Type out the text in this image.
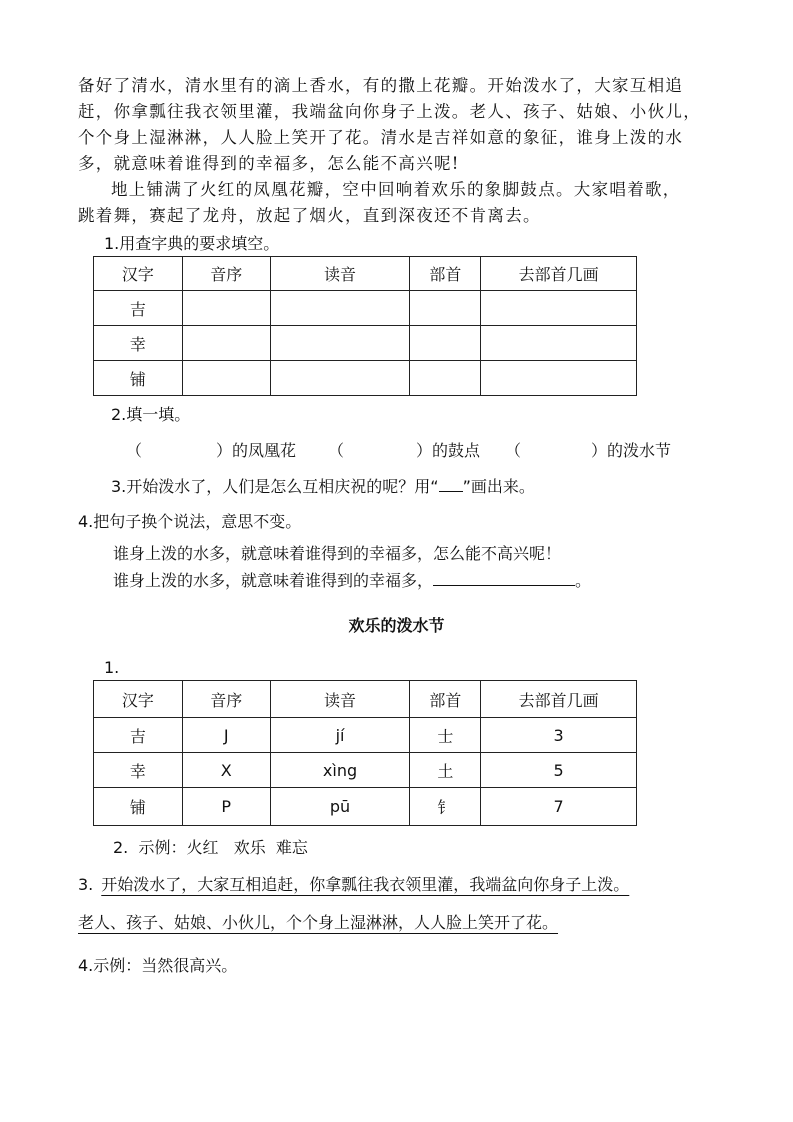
备好了清水，清水里有的滴上香水，有的撒上花瓣。开始泼水了，大家互相追
赶，你拿瓢往我衣领里灌，我端盆向你身子上泼。老人、孩子、姑娘、小伙儿，
个个身上湿淋淋，人人脸上笑开了花。清水是吉祥如意的象征，谁身上泼的水
多，就意味着谁得到的幸福多，怎么能不高兴呢!
地上铺满了火红的凤凰花瓣，空中回响着欢乐的象脚鼓点。大家唱着歌，
跳着舞，赛起了龙舟，放起了烟火，直到深夜还不肯离去。
1.用查字典的要求填空。
汉字	音序	读音	部首	去部首几画
吉				
幸				
铺				
2.填一填。
（	）的凤凰花 （	）的鼓点 （	）的泼水节
3.开始泼水了，人们是怎么互相庆祝的呢？用“ ”画出来。
4.把句子换个说法，意思不变。
谁身上泼的水多，就意味着谁得到的幸福多，怎么能不高兴呢！
谁身上泼的水多，就意味着谁得到的幸福多，	。
欢乐的泼水节
1.
汉字	音序	读音	部首	去部首几画
吉	J	jí	士	3
幸	X	xìng	土	5
铺	P	pū	钅	7
2.  示例：火红   欢乐  难忘
3. 开始泼水了，大家互相追赶，你拿瓢往我衣领里灌，我端盆向你身子上泼。
老人、孩子、姑娘、小伙儿，个个身上湿淋淋，人人脸上笑开了花。
4.示例：当然很高兴。
